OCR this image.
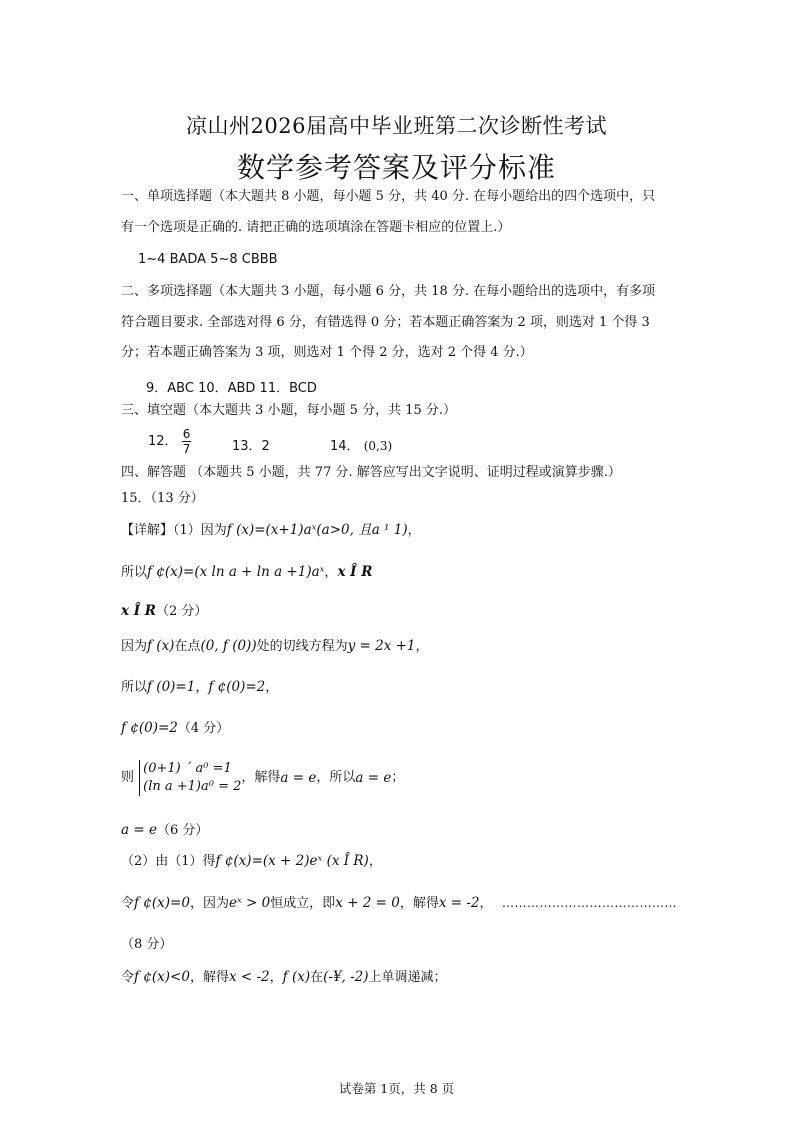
凉山州2026届高中毕业班第二次诊断性考试
数学参考答案及评分标准
一、单项选择题（本大题共 8 小题，每小题 5 分，共 40 分. 在每小题给出的四个选项中，只
有一个选项是正确的. 请把正确的选项填涂在答题卡相应的位置上.）
1~4 BADA 5~8 CBBB
二、多项选择题（本大题共 3 小题，每小题 6 分，共 18 分. 在每小题给出的选项中，有多项
符合题目要求. 全部选对得 6 分，有错选得 0 分；若本题正确答案为 2 项，则选对 1 个得 3
分；若本题正确答案为 3 项，则选对 1 个得 2 分，选对 2 个得 4 分.）
9．ABC 10．ABD 11．BCD
三、填空题（本大题共 3 小题，每小题 5 分，共 15 分.）
12． $\frac{6}{7}$	13．2	14． (0,3)
四、解答题 （本题共 5 小题，共 77 分. 解答应写出文字说明、证明过程或演算步骤.）
15．（13 分）
【详解】（1）因为f (x)=(x+1)aˣ(a>0, 且a ¹ 1)，
所以f ¢(x)=(x ln a + ln a +1)aˣ，x Î R
x Î R（2 分）
因为f (x)在点(0, f (0))处的切线方程为y = 2x +1，
所以f (0)=1，f ¢(0)=2，
f ¢(0)=2（4 分）
则
(0+1) ´ a⁰ =1
(ln a +1)a⁰ = 2
，解得a = e，所以a = e；
a = e（6 分）
（2）由（1）得f ¢(x)=(x + 2)eˣ (x Î R)，
令f ¢(x)=0，因为eˣ > 0恒成立，即x + 2 = 0，解得x = -2， ……………………………………
（8 分）
令f ¢(x)<0，解得x < -2，f (x)在(-¥, -2)上单调递减；
试卷第 1页，共 8 页
